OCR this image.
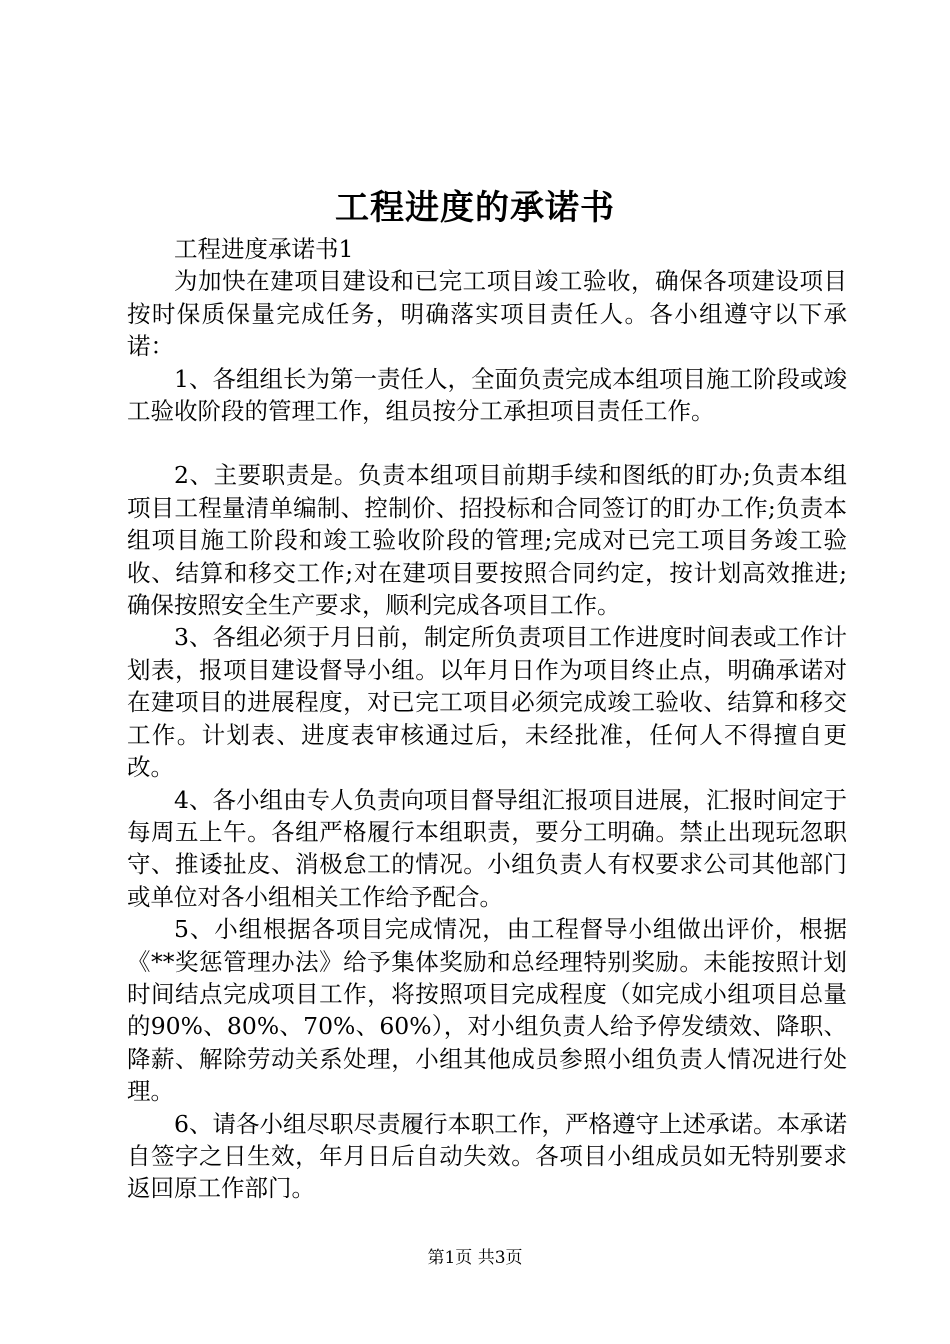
工程进度的承诺书

工程进度承诺书1

为加快在建项目建设和已完工项目竣工验收，确保各项建设项目按时保质保量完成任务，明确落实项目责任人。各小组遵守以下承诺：

1、各组组长为第一责任人，全面负责完成本组项目施工阶段或竣工验收阶段的管理工作，组员按分工承担项目责任工作。

2、主要职责是。负责本组项目前期手续和图纸的盯办;负责本组项目工程量清单编制、控制价、招投标和合同签订的盯办工作;负责本组项目施工阶段和竣工验收阶段的管理;完成对已完工项目务竣工验收、结算和移交工作;对在建项目要按照合同约定，按计划高效推进;确保按照安全生产要求，顺利完成各项目工作。

3、各组必须于月日前，制定所负责项目工作进度时间表或工作计划表，报项目建设督导小组。以年月日作为项目终止点，明确承诺对在建项目的进展程度，对已完工项目必须完成竣工验收、结算和移交工作。计划表、进度表审核通过后，未经批准，任何人不得擅自更改。

4、各小组由专人负责向项目督导组汇报项目进展，汇报时间定于每周五上午。各组严格履行本组职责，要分工明确。禁止出现玩忽职守、推诿扯皮、消极怠工的情况。小组负责人有权要求公司其他部门或单位对各小组相关工作给予配合。

5、小组根据各项目完成情况，由工程督导小组做出评价，根据《**奖惩管理办法》给予集体奖励和总经理特别奖励。未能按照计划时间结点完成项目工作，将按照项目完成程度（如完成小组项目总量的90%、80%、70%、60%），对小组负责人给予停发绩效、降职、降薪、解除劳动关系处理，小组其他成员参照小组负责人情况进行处理。

6、请各小组尽职尽责履行本职工作，严格遵守上述承诺。本承诺自签字之日生效，年月日后自动失效。各项目小组成员如无特别要求返回原工作部门。

第1页 共3页
